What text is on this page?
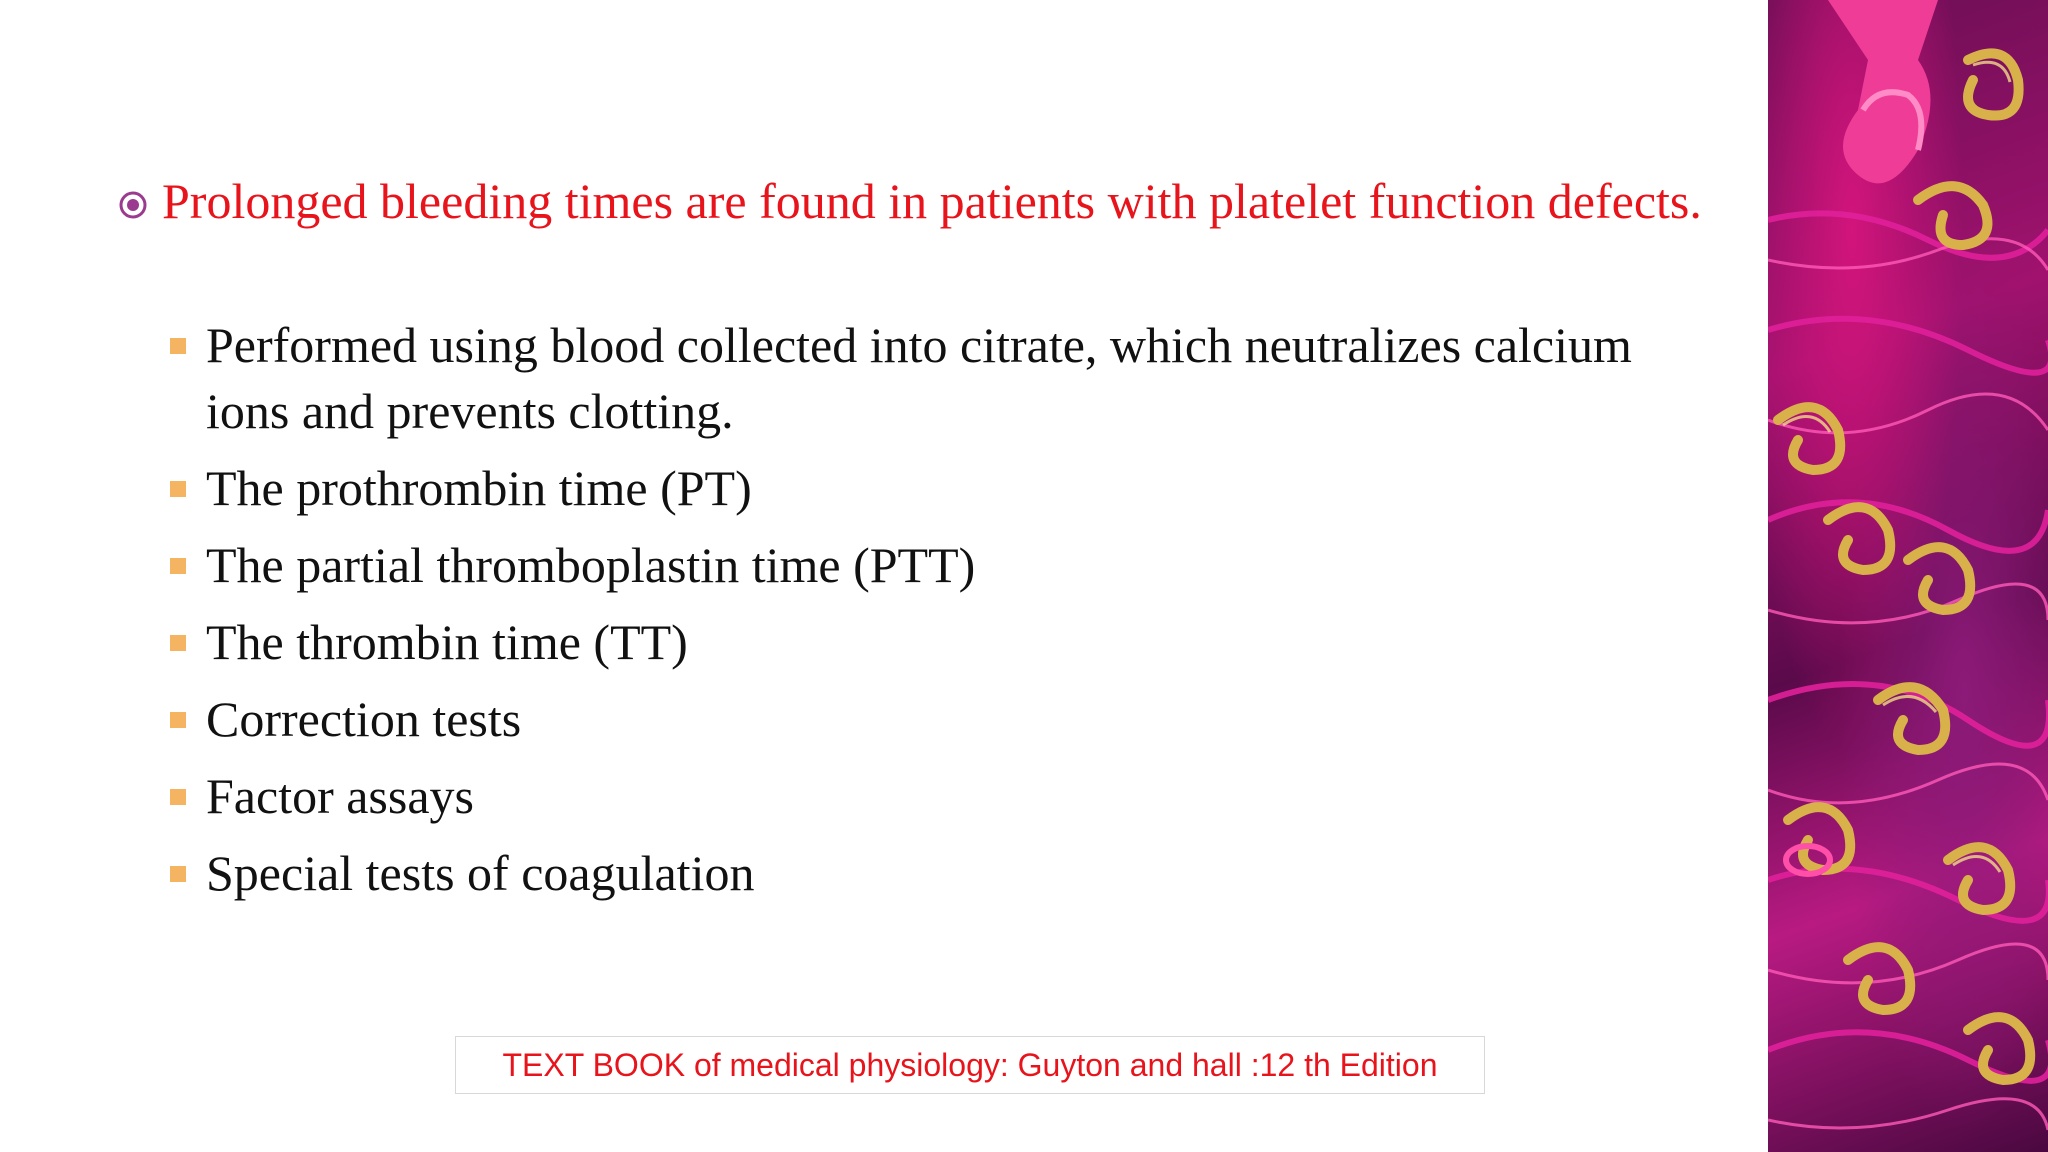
Prolonged bleeding times are found in patients with platelet function defects.
Performed using blood collected into citrate, which neutralizes calcium ions and prevents clotting.
The prothrombin time (PT)
The partial thromboplastin time (PTT)
The thrombin time (TT)
Correction tests
Factor assays
Special tests of coagulation
TEXT BOOK of medical physiology: Guyton and hall :12 th Edition
